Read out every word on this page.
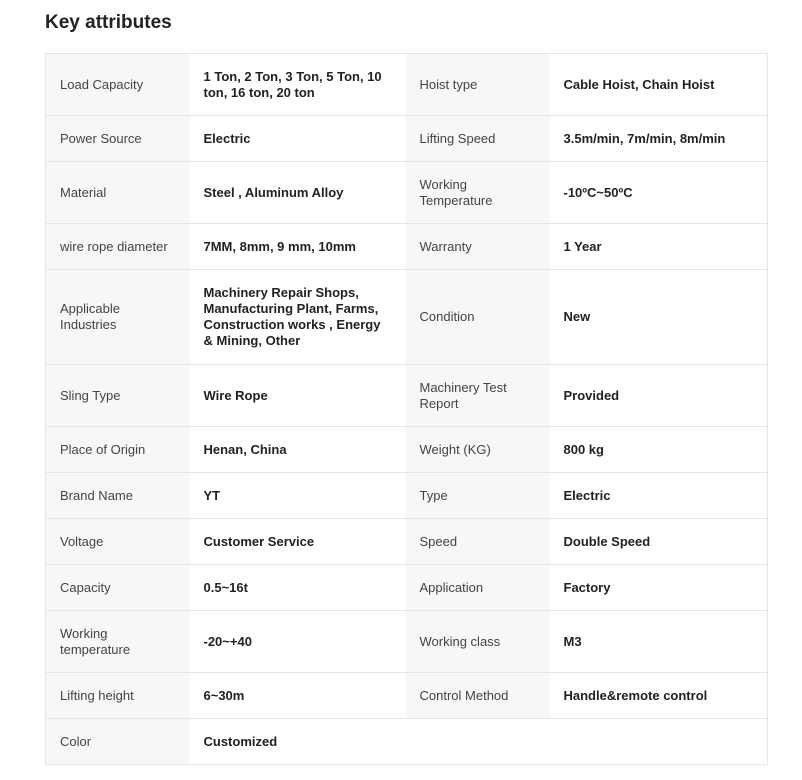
Key attributes
Load Capacity	1 Ton, 2 Ton, 3 Ton, 5 Ton, 10 ton, 16 ton, 20 ton	Hoist type	Cable Hoist, Chain Hoist
Power Source	Electric	Lifting Speed	3.5m/min, 7m/min, 8m/min
Material	Steel , Aluminum Alloy	Working Temperature	-10ºC~50ºC
wire rope diameter	7MM, 8mm, 9 mm, 10mm	Warranty	1 Year
Applicable Industries	Machinery Repair Shops, Manufacturing Plant, Farms, Construction works , Energy & Mining, Other	Condition	New
Sling Type	Wire Rope	Machinery Test Report	Provided
Place of Origin	Henan, China	Weight (KG)	800 kg
Brand Name	YT	Type	Electric
Voltage	Customer Service	Speed	Double Speed
Capacity	0.5~16t	Application	Factory
Working temperature	-20~+40	Working class	M3
Lifting height	6~30m	Control Method	Handle&remote control
Color	Customized		
